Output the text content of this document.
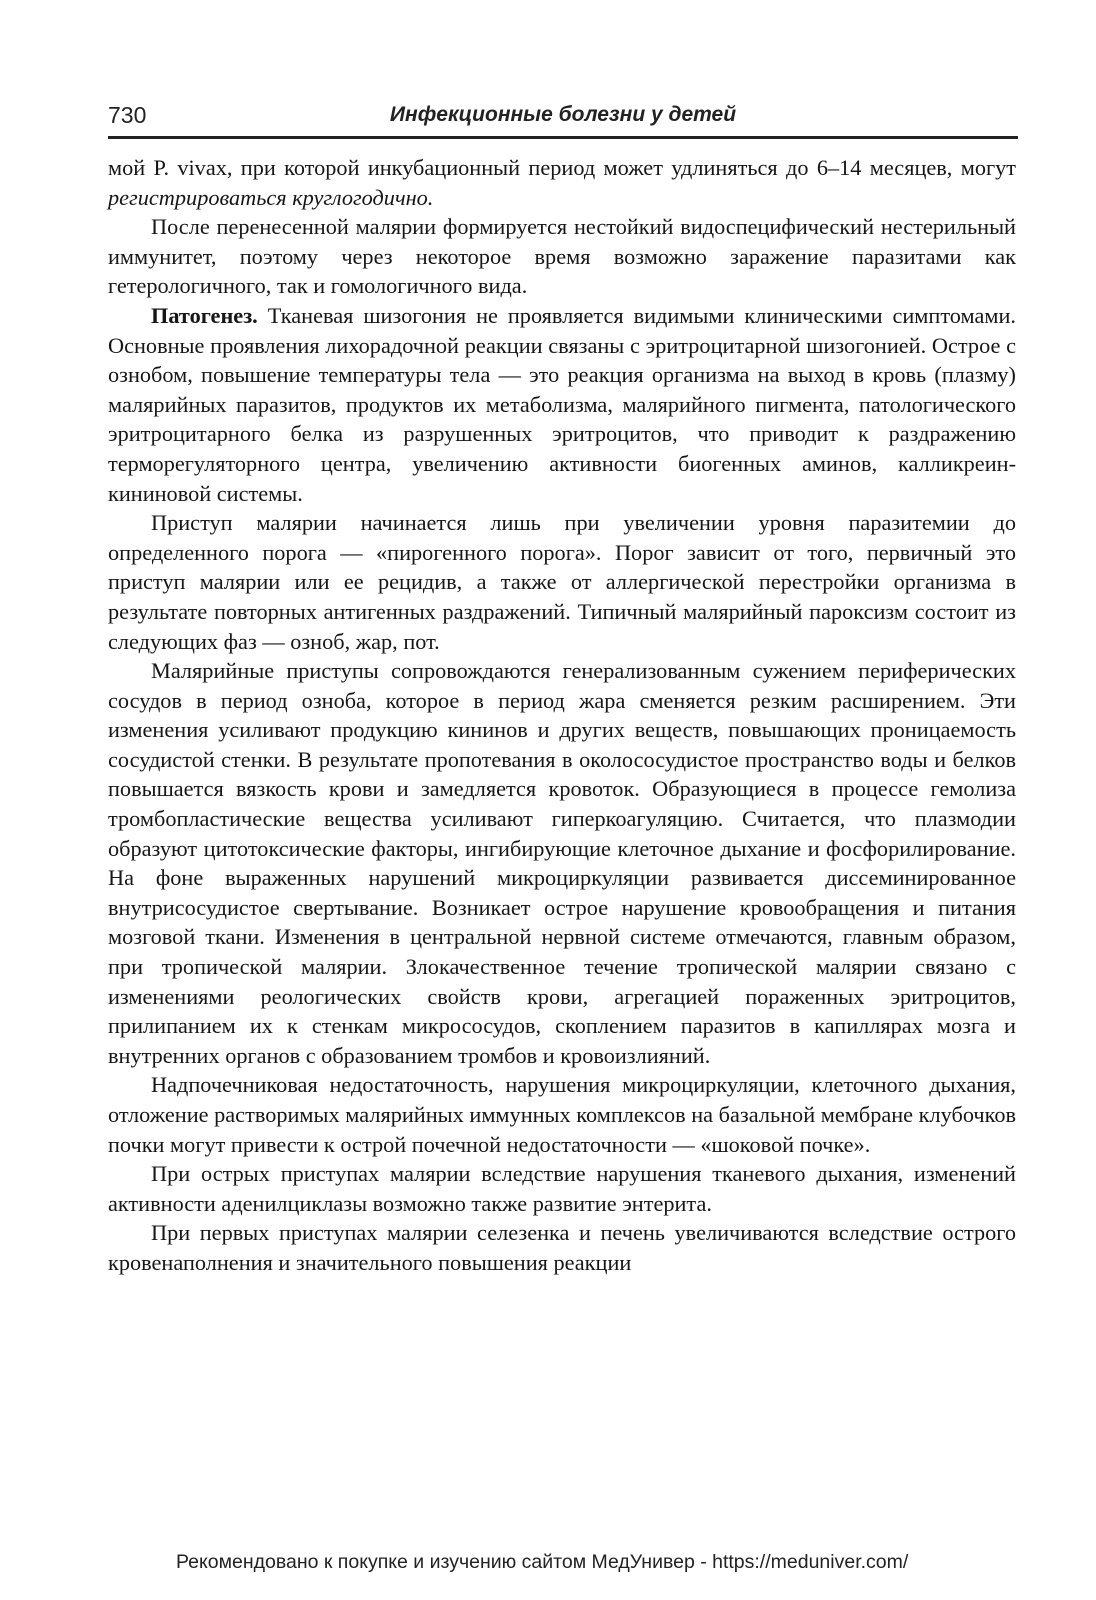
730	Инфекционные болезни у детей

мой P. vivax, при которой инкубационный период может удлиняться до 6–14 месяцев, могут регистрироваться круглогодично.

После перенесенной малярии формируется нестойкий видоспецифический нестерильный иммунитет, поэтому через некоторое время возможно заражение паразитами как гетерологичного, так и гомологичного вида.

Патогенез. Тканевая шизогония не проявляется видимыми клиническими симптомами. Основные проявления лихорадочной реакции связаны с эритроцитарной шизогонией. Острое с ознобом, повышение температуры тела — это реакция организма на выход в кровь (плазму) малярийных паразитов, продуктов их метаболизма, малярийного пигмента, патологического эритроцитарного белка из разрушенных эритроцитов, что приводит к раздражению терморегуляторного центра, увеличению активности биогенных аминов, калликреин-кининовой системы.

Приступ малярии начинается лишь при увеличении уровня паразитемии до определенного порога — «пирогенного порога». Порог зависит от того, первичный это приступ малярии или ее рецидив, а также от аллергической перестройки организма в результате повторных антигенных раздражений. Типичный малярийный пароксизм состоит из следующих фаз — озноб, жар, пот.

Малярийные приступы сопровождаются генерализованным сужением периферических сосудов в период озноба, которое в период жара сменяется резким расширением. Эти изменения усиливают продукцию кининов и других веществ, повышающих проницаемость сосудистой стенки. В результате пропотевания в околососудистое пространство воды и белков повышается вязкость крови и замедляется кровоток. Образующиеся в процессе гемолиза тромбопластические вещества усиливают гиперкоагуляцию. Считается, что плазмодии образуют цитотоксические факторы, ингибирующие клеточное дыхание и фосфорилирование. На фоне выраженных нарушений микроциркуляции развивается диссеминированное внутрисосудистое свертывание. Возникает острое нарушение кровообращения и питания мозговой ткани. Изменения в центральной нервной системе отмечаются, главным образом, при тропической малярии. Злокачественное течение тропической малярии связано с изменениями реологических свойств крови, агрегацией пораженных эритроцитов, прилипанием их к стенкам микрососудов, скоплением паразитов в капиллярах мозга и внутренних органов с образованием тромбов и кровоизлияний.

Надпочечниковая недостаточность, нарушения микроциркуляции, клеточного дыхания, отложение растворимых малярийных иммунных комплексов на базальной мембране клубочков почки могут привести к острой почечной недостаточности — «шоковой почке».

При острых приступах малярии вследствие нарушения тканевого дыхания, изменений активности аденилциклазы возможно также развитие энтерита.

При первых приступах малярии селезенка и печень увеличиваются вследствие острого кровенаполнения и значительного повышения реакции

Рекомендовано к покупке и изучению сайтом МедУнивер - https://meduniver.com/
